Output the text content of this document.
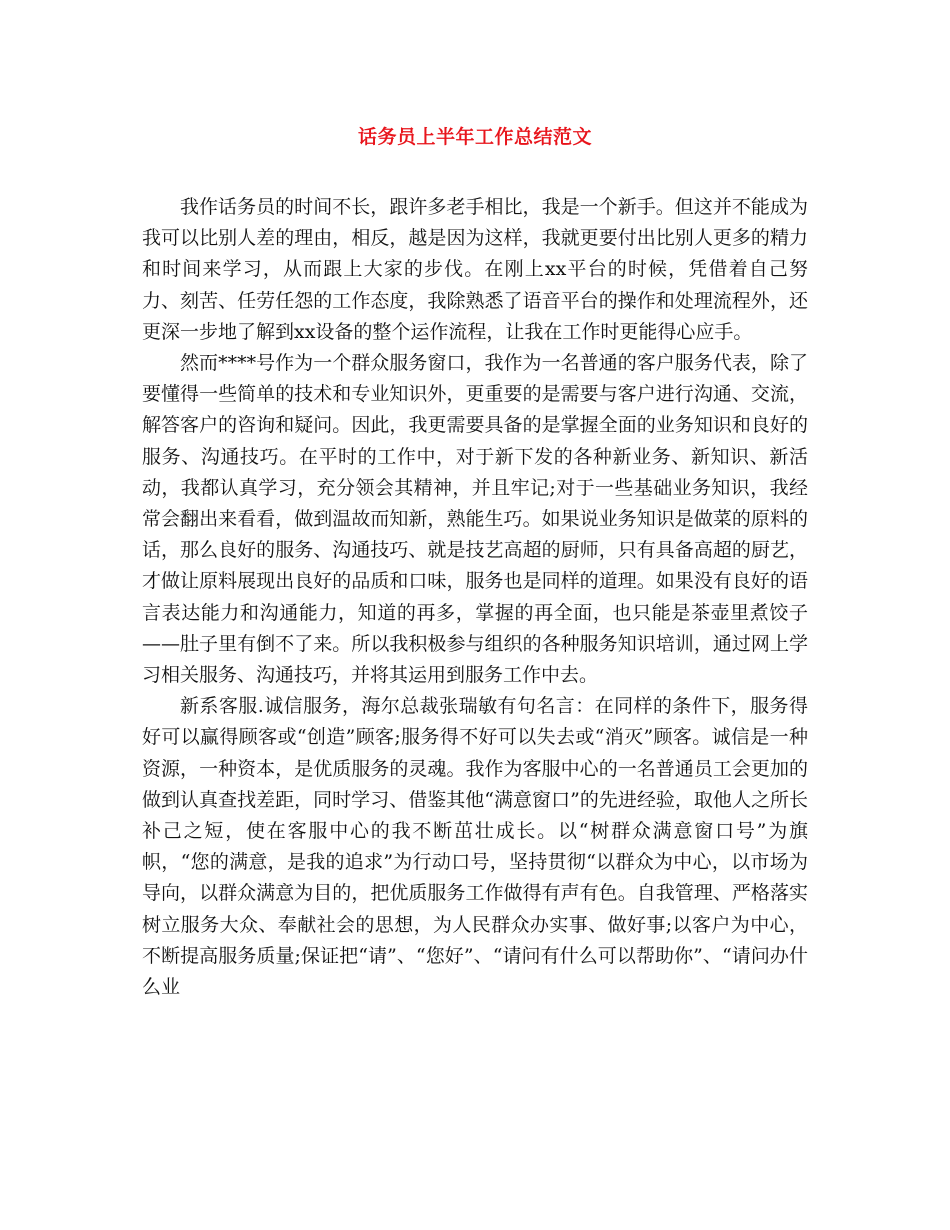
话务员上半年工作总结范文

我作话务员的时间不长，跟许多老手相比，我是一个新手。但这并不能成为我可以比别人差的理由，相反，越是因为这样，我就更要付出比别人更多的精力和时间来学习，从而跟上大家的步伐。在刚上xx平台的时候，凭借着自己努力、刻苦、任劳任怨的工作态度，我除熟悉了语音平台的操作和处理流程外，还更深一步地了解到xx设备的整个运作流程，让我在工作时更能得心应手。

然而****号作为一个群众服务窗口，我作为一名普通的客户服务代表，除了要懂得一些简单的技术和专业知识外，更重要的是需要与客户进行沟通、交流，解答客户的咨询和疑问。因此，我更需要具备的是掌握全面的业务知识和良好的服务、沟通技巧。在平时的工作中，对于新下发的各种新业务、新知识、新活动，我都认真学习，充分领会其精神，并且牢记;对于一些基础业务知识，我经常会翻出来看看，做到温故而知新，熟能生巧。如果说业务知识是做菜的原料的话，那么良好的服务、沟通技巧、就是技艺高超的厨师，只有具备高超的厨艺，才做让原料展现出良好的品质和口味，服务也是同样的道理。如果没有良好的语言表达能力和沟通能力，知道的再多，掌握的再全面，也只能是茶壶里煮饺子——肚子里有倒不了来。所以我积极参与组织的各种服务知识培训，通过网上学习相关服务、沟通技巧，并将其运用到服务工作中去。

新系客服.诚信服务，海尔总裁张瑞敏有句名言：在同样的条件下，服务得好可以赢得顾客或“创造”顾客;服务得不好可以失去或“消灭”顾客。诚信是一种资源，一种资本，是优质服务的灵魂。我作为客服中心的一名普通员工会更加的做到认真查找差距，同时学习、借鉴其他“满意窗口”的先进经验，取他人之所长补己之短，使在客服中心的我不断茁壮成长。以“树群众满意窗口号”为旗帜，“您的满意，是我的追求”为行动口号，坚持贯彻“以群众为中心，以市场为导向，以群众满意为目的，把优质服务工作做得有声有色。自我管理、严格落实树立服务大众、奉献社会的思想，为人民群众办实事、做好事;以客户为中心，不断提高服务质量;保证把“请”、“您好”、“请问有什么可以帮助你”、“请问办什么业
